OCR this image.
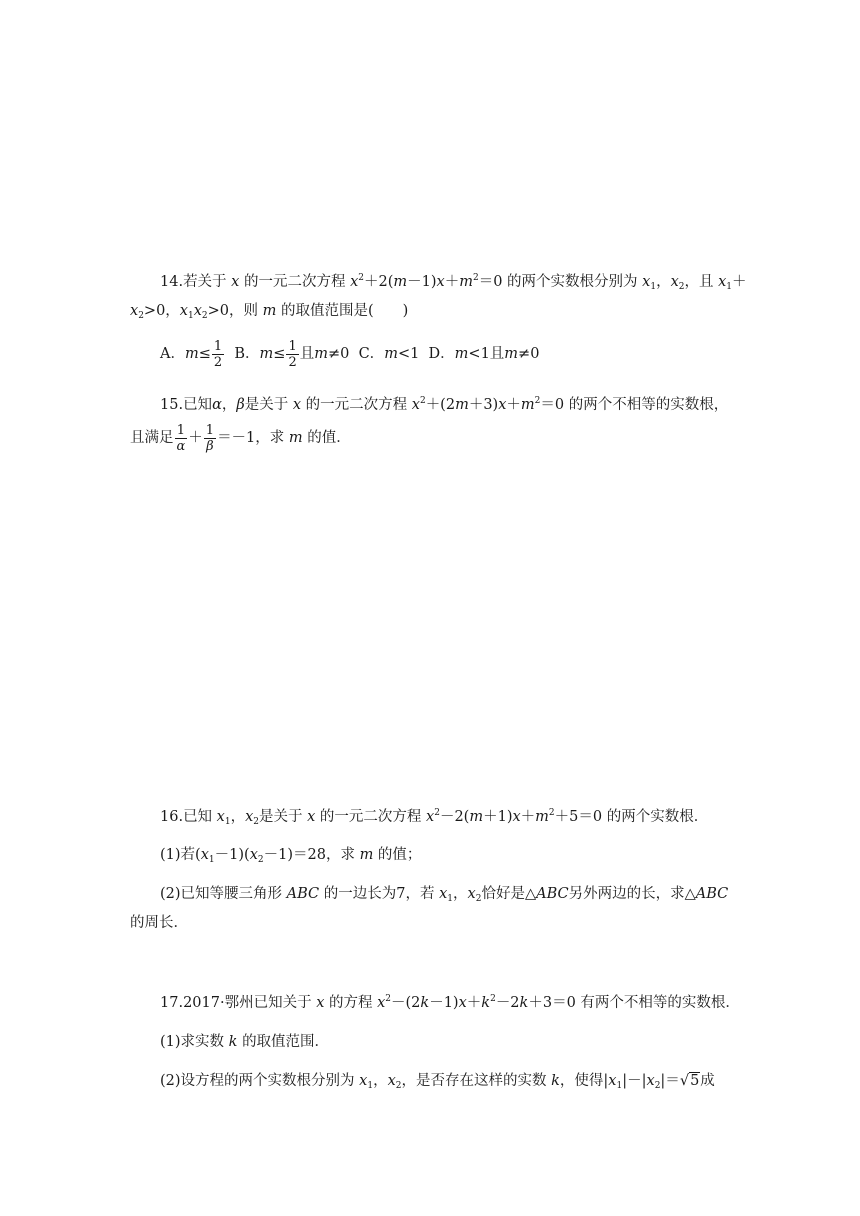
14.若关于 x 的一元二次方程 $x^2+2(m-1)x+m^2=0$ 的两个实数根分别为 $x_1$，$x_2$，且 $x_1+$
$x_2>0$，$x_1x_2>0$，则 m 的取值范围是(　　)
A．$m\le \frac{1}{2}$ B．$m\le \frac{1}{2}$ 且m≠0  C．m<1  D．m<1且m≠0
15.已知α，β是关于 x 的一元二次方程 $x^2+(2m+3)x+m^2=0$ 的两个不相等的实数根，
且满足 $\frac{1}{\alpha} + \frac{1}{\beta} =-1$，求 m 的值．
16.已知 $x_1$，$x_2$是关于 x 的一元二次方程 $x^2-2(m+1)x+m^2+5=0$ 的两个实数根．
(1)若$(x_1-1)(x_2-1)=28$，求 m 的值；
(2)已知等腰三角形 ABC 的一边长为7，若 $x_1$，$x_2$恰好是△ABC另外两边的长，求△ABC
的周长．
17.2017·鄂州已知关于 x 的方程 $x^2-(2k-1)x+k^2-2k+3=0$ 有两个不相等的实数根．
(1)求实数 k 的取值范围．
(2)设方程的两个实数根分别为 $x_1$，$x_2$，是否存在这样的实数 k，使得$|x_1|-|x_2|=√5$成
